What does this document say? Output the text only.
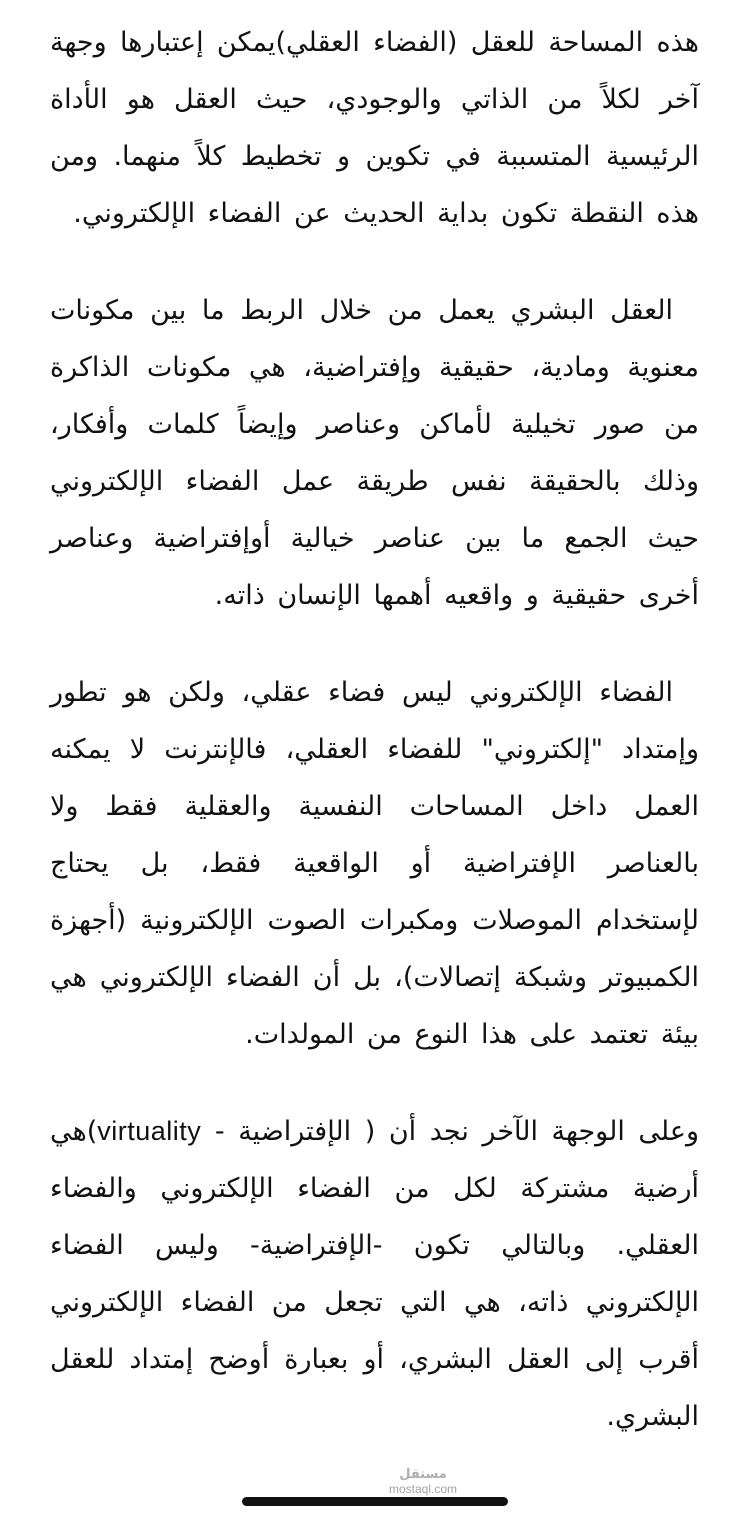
هذه المساحة للعقل (الفضاء العقلي)يمكن إعتبارها وجهة آخر لكلاً من الذاتي والوجودي، حيث العقل هو الأداة الرئيسية المتسببة في تكوين و تخطيط كلاً منهما. ومن هذه النقطة تكون بداية الحديث عن الفضاء الإلكتروني.

العقل البشري يعمل من خلال الربط ما بين مكونات معنوية ومادية، حقيقية وإفتراضية، هي مكونات الذاكرة من صور تخيلية لأماكن وعناصر وإيضاً كلمات وأفكار، وذلك بالحقيقة نفس طريقة عمل الفضاء الإلكتروني حيث الجمع ما بين عناصر خيالية أوإفتراضية وعناصر أخرى حقيقية و واقعيه أهمها الإنسان ذاته.

الفضاء الإلكتروني ليس فضاء عقلي، ولكن هو تطور وإمتداد "إلكتروني" للفضاء العقلي، فالإنترنت لا يمكنه العمل داخل المساحات النفسية والعقلية فقط ولا بالعناصر الإفتراضية أو الواقعية فقط، بل يحتاج لإستخدام الموصلات ومكبرات الصوت الإلكترونية (أجهزة الكمبيوتر وشبكة إتصالات)، بل أن الفضاء الإلكتروني هي بيئة تعتمد على هذا النوع من المولدات.

وعلى الوجهة الآخر نجد أن ( الإفتراضية - virtuality)هي أرضية مشتركة لكل من الفضاء الإلكتروني والفضاء العقلي. وبالتالي تكون -الإفتراضية- وليس الفضاء الإلكتروني ذاته، هي التي تجعل من الفضاء الإلكتروني أقرب إلى العقل البشري، أو بعبارة أوضح إمتداد للعقل البشري.

مستقل
mostaql.com
